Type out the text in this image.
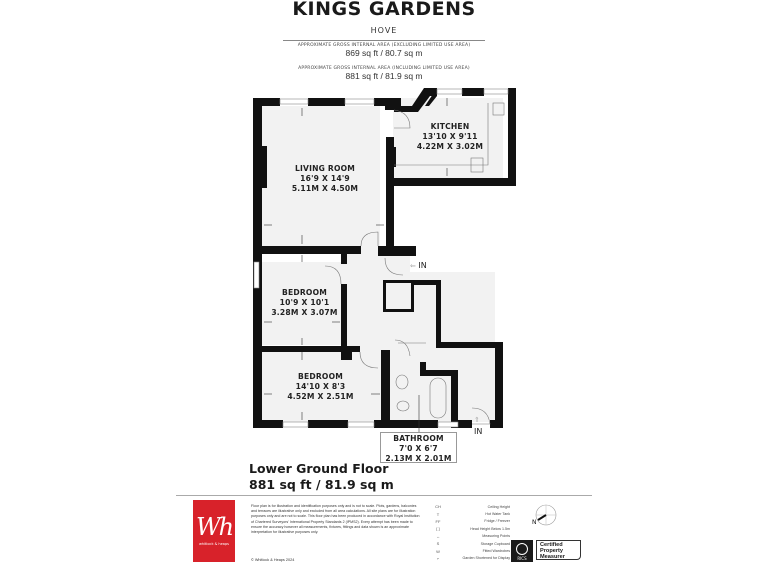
KINGS GARDENS
HOVE
APPROXIMATE GROSS INTERNAL AREA (EXCLUDING LIMITED USE AREA)
869 sq ft / 80.7 sq m
APPROXIMATE GROSS INTERNAL AREA (INCLUDING LIMITED USE AREA)
881 sq ft / 81.9 sq m
LIVING ROOM
16'9 X 14'9
5.11M X 4.50M
KITCHEN
13'10 X 9'11
4.22M X 3.02M
BEDROOM
10'9 X 10'1
3.28M X 3.07M
BEDROOM
14'10 X 8'3
4.52M X 2.51M
BATHROOM
7'0 X 6'7
2.13M X 2.01M
⇐ IN
IN
⇑
Lower Ground Floor
881 sq ft / 81.9 sq m
Wh
whitlock & heaps
Floor plan is for illustration and identification purposes only and is not to scale. Plots, gardens, balconies and terraces are illustrative only and excluded from all area calculations. All site plans are for illustration purposes only and are not to scale. This floor plan has been produced in accordance with Royal Institution of Chartered Surveyors' International Property Standards 2 (IPMS2). Every attempt has been made to ensure the accuracy however all measurements, fixtures, fittings and data shown is an approximate interpretation for illustrative purposes only.
© Whitlock & Heaps 2024
CH	Ceiling Height
T	Hot Water Tank
FF	Fridge / Freezer
[ ]	Head Height Below 1.5m
↔	Measuring Points
S	Storage Cupboard
W	Fitted Wardrobes
⌐	Garden Shortened for Display
N
RICS
Certified
Property
Measurer
